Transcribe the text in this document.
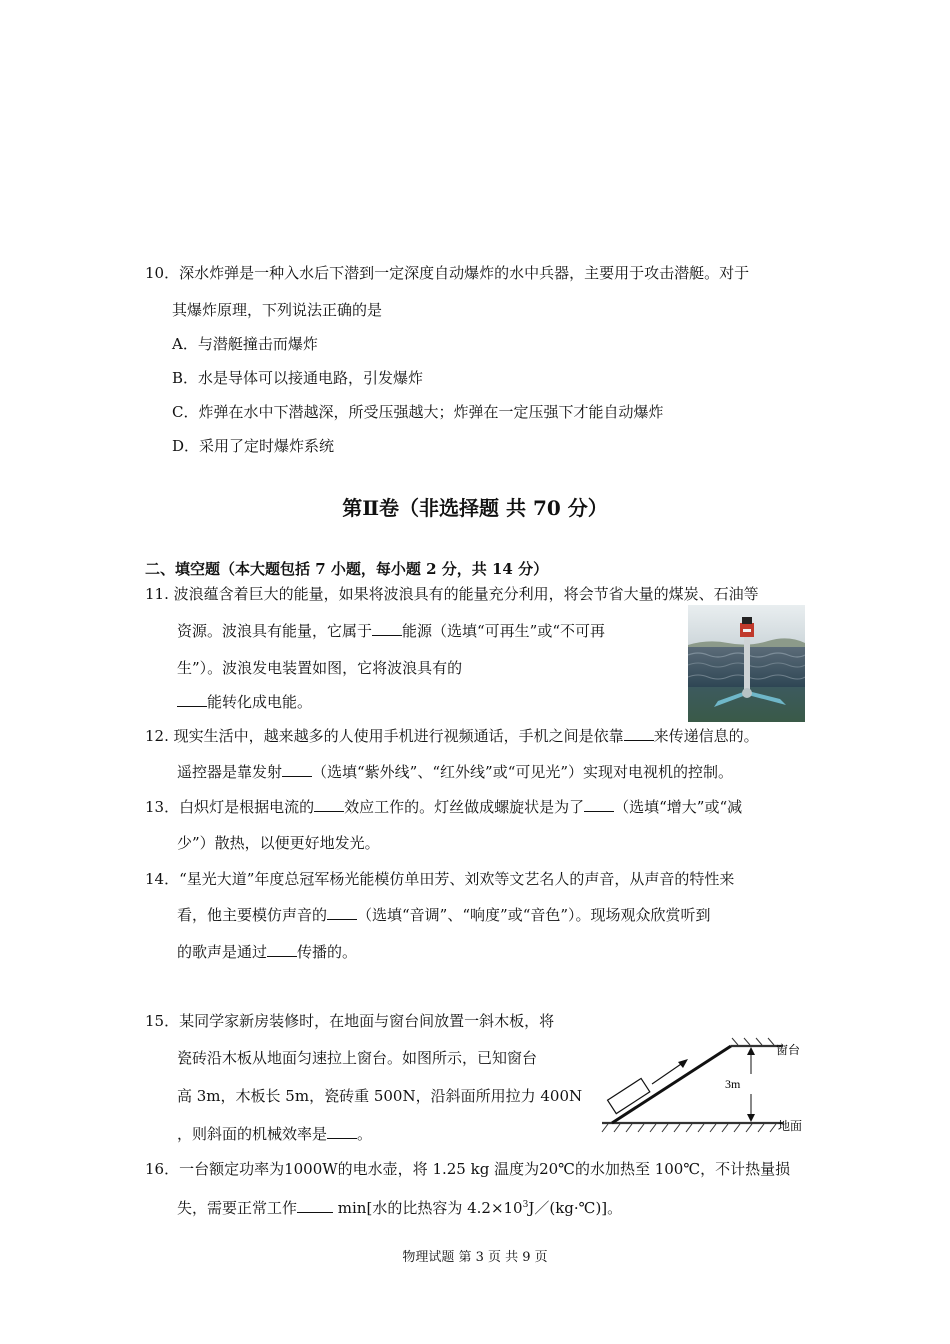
10．深水炸弹是一种入水后下潜到一定深度自动爆炸的水中兵器，主要用于攻击潜艇。对于
其爆炸原理，下列说法正确的是
A．与潜艇撞击而爆炸
B．水是导体可以接通电路，引发爆炸
C．炸弹在水中下潜越深，所受压强越大；炸弹在一定压强下才能自动爆炸
D．采用了定时爆炸系统
第Ⅱ卷（非选择题 共 70 分）
二、填空题（本大题包括 7 小题，每小题 2 分，共 14 分）
11. 波浪蕴含着巨大的能量，如果将波浪具有的能量充分利用，将会节省大量的煤炭、石油等
资源。波浪具有能量，它属于 能源（选填“可再生”或“不可再
生”）。波浪发电装置如图，它将波浪具有的
能转化成电能。
12. 现实生活中，越来越多的人使用手机进行视频通话，手机之间是依靠 来传递信息的。
遥控器是靠发射 （选填“紫外线”、“红外线”或“可见光”）实现对电视机的控制。
13．白炽灯是根据电流的 效应工作的。灯丝做成螺旋状是为了 （选填“增大”或“减
少”）散热，以便更好地发光。
14．“星光大道”年度总冠军杨光能模仿单田芳、刘欢等文艺名人的声音，从声音的特性来
看，他主要模仿声音的 （选填“音调”、“响度”或“音色”）。现场观众欣赏听到
的歌声是通过 传播的。
15．某同学家新房装修时，在地面与窗台间放置一斜木板，将
瓷砖沿木板从地面匀速拉上窗台。如图所示，已知窗台
高 3m，木板长 5m，瓷砖重 500N，沿斜面所用拉力 400N
，则斜面的机械效率是 。
3m
窗台
地面
16．一台额定功率为1000W的电水壶，将 1.25 kg 温度为20℃的水加热至 100℃，不计热量损
失，需要正常工作 min[水的比热容为 $4.2\times 10^3J/(kg\cdot℃)$]。
物理试题 第 3 页 共 9 页
